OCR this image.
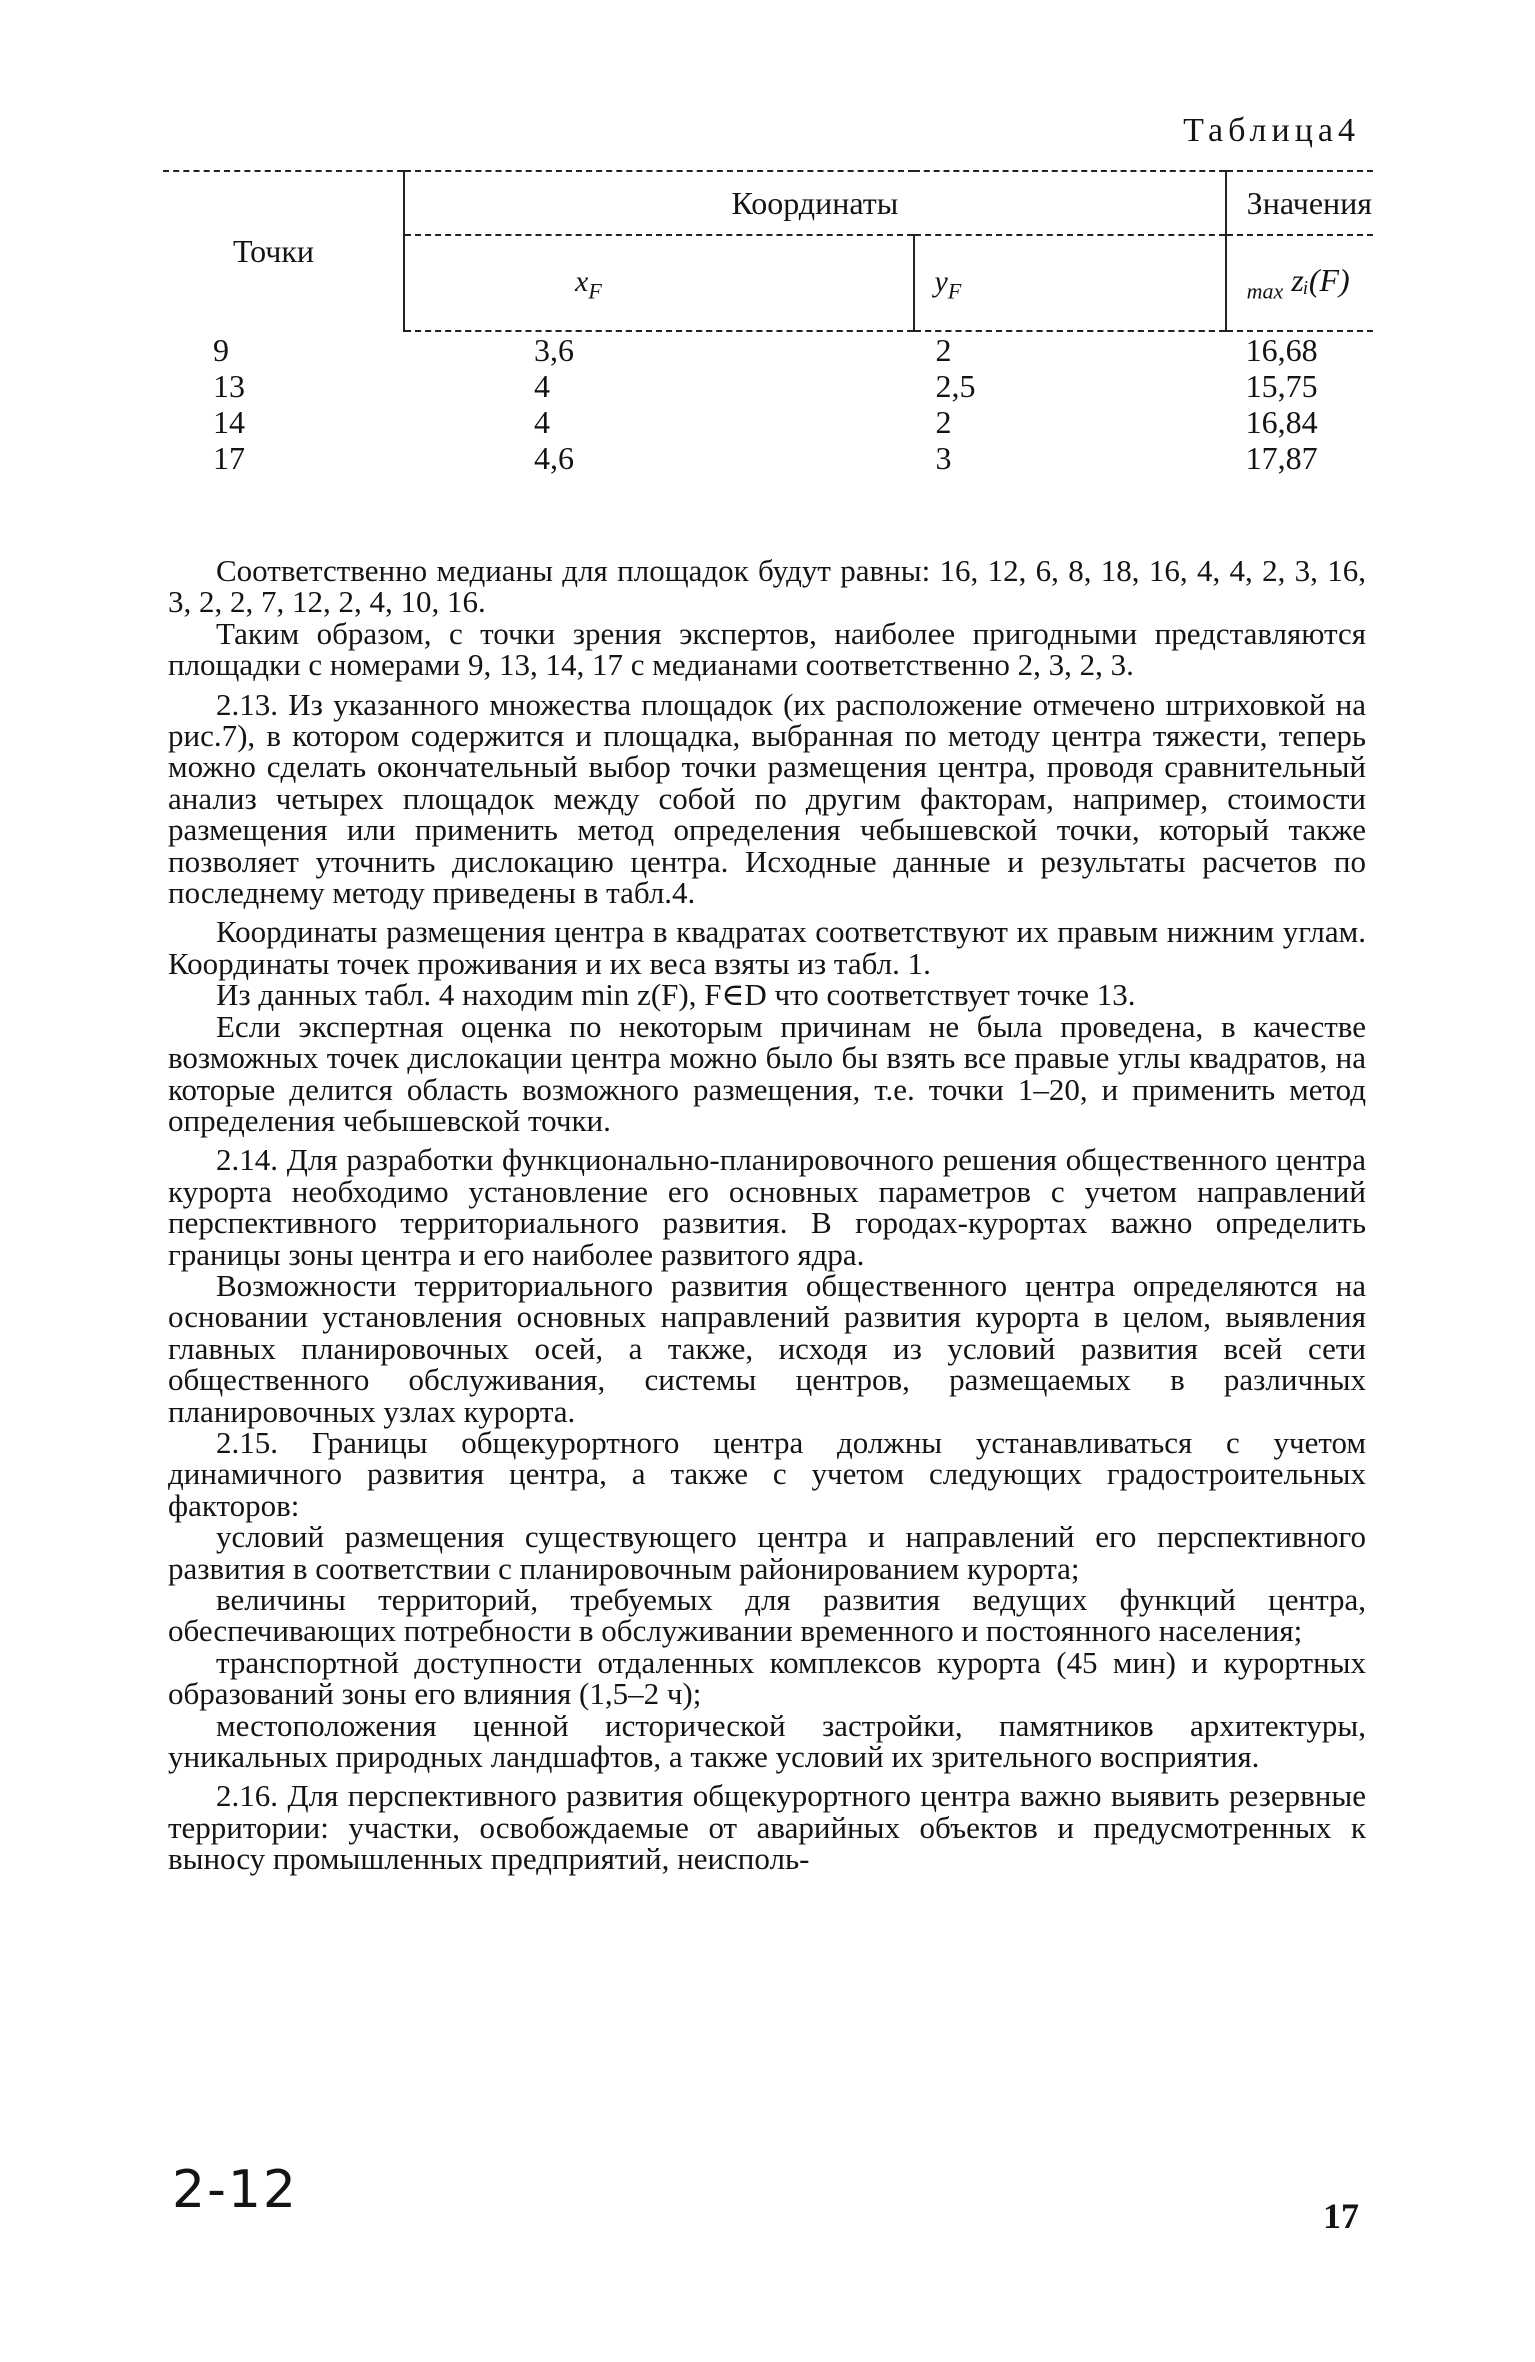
Таблица4
Точки	Координаты		Значения
	$x_F$	$y_F$	$_{max}$ zᵢ(F)
9	3,6	2	16,68
13	4	2,5	15,75
14	4	2	16,84
17	4,6	3	17,87

Соответственно медианы для площадок будут равны: 16, 12, 6, 8, 18, 16, 4, 4, 2, 3, 16, 3, 2, 2, 7, 12, 2, 4, 10, 16.

Таким образом, с точки зрения экспертов, наиболее пригодными представляются площадки с номерами 9, 13, 14, 17 с медианами соответственно 2, 3, 2, 3.

2.13. Из указанного множества площадок (их расположение отмечено штриховкой на рис.7), в котором содержится и площадка, выбранная по методу центра тяжести, теперь можно сделать окончательный выбор точки размещения центра, проводя сравнительный анализ четырех площадок между собой по другим факторам, например, стоимости размещения или применить метод определения чебышевской точки, который также позволяет уточнить дислокацию центра. Исходные данные и результаты расчетов по последнему методу приведены в табл.4.

Координаты размещения центра в квадратах соответствуют их правым нижним углам. Координаты точек проживания и их веса взяты из табл. 1.

Из данных табл. 4 находим min z(F), F∈D что соответствует точке 13.

Если экспертная оценка по некоторым причинам не была проведена, в качестве возможных точек дислокации центра можно было бы взять все правые углы квадратов, на которые делится область возможного размещения, т.е. точки 1–20, и применить метод определения чебышевской точки.

2.14. Для разработки функционально-планировочного решения общественного центра курорта необходимо установление его основных параметров с учетом направлений перспективного территориального развития. В городах-курортах важно определить границы зоны центра и его наиболее развитого ядра.

Возможности территориального развития общественного центра определяются на основании установления основных направлений развития курорта в целом, выявления главных планировочных осей, а также, исходя из условий развития всей сети общественного обслуживания, системы центров, размещаемых в различных планировочных узлах курорта.

2.15. Границы общекурортного центра должны устанавливаться с учетом динамичного развития центра, а также с учетом следующих градостроительных факторов:

условий размещения существующего центра и направлений его перспективного развития в соответствии с планировочным районированием курорта;

величины территорий, требуемых для развития ведущих функций центра, обеспечивающих потребности в обслуживании временного и постоянного населения;

транспортной доступности отдаленных комплексов курорта (45 мин) и курортных образований зоны его влияния (1,5–2 ч);

местоположения ценной исторической застройки, памятников архитектуры, уникальных природных ландшафтов, а также условий их зрительного восприятия.

2.16. Для перспективного развития общекурортного центра важно выявить резервные территории: участки, освобождаемые от аварийных объектов и предусмотренных к выносу промышленных предприятий, неисполь-

2-12	17
